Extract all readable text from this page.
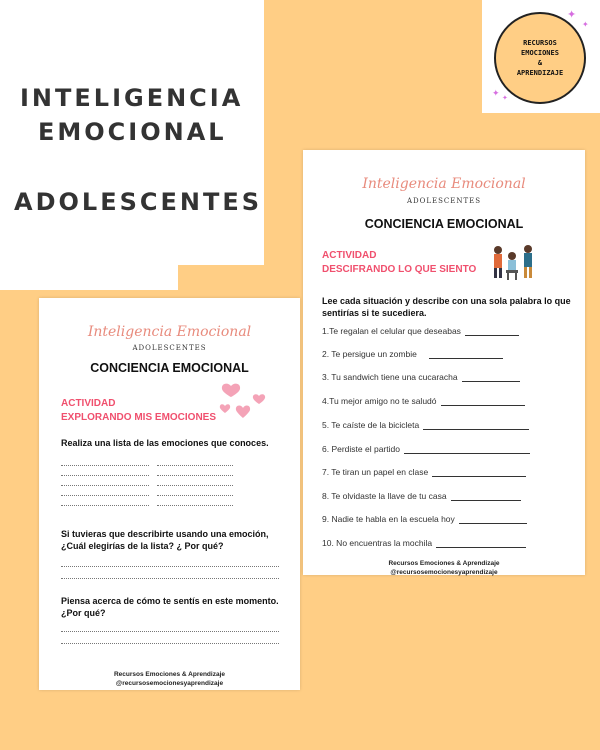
INTELIGENCIA
EMOCIONAL
ADOLESCENTES
RECURSOS
EMOCIONES
&
APRENDIZAJE
✦
✦
✦
✦
Inteligencia Emocional
ADOLESCENTES
CONCIENCIA EMOCIONAL
ACTIVIDAD
DESCIFRANDO LO QUE SIENTO
Lee cada situación y describe con una sola palabra lo que sentirías si te sucediera.
1.Te regalan el celular que deseabas
2. Te persigue un zombie
3. Tu sandwich tiene una cucaracha
4.Tu mejor amigo no te saludó
5. Te caíste de la bicicleta
6. Perdiste el partido
7. Te tiran un papel en clase
8. Te olvidaste la llave de tu casa
9. Nadie te habla en la escuela hoy
10. No encuentras la mochila
Recursos Emociones & Aprendizaje
@recursosemocionesyaprendizaje
Inteligencia Emocional
ADOLESCENTES
CONCIENCIA EMOCIONAL
ACTIVIDAD
EXPLORANDO MIS EMOCIONES
Realiza una lista de las emociones que conoces.
Si tuvieras que describirte usando una emoción, ¿Cuál elegirías de la lista? ¿ Por qué?
Piensa acerca de cómo te sentís en este momento. ¿Por qué?
Recursos Emociones & Aprendizaje
@recursosemocionesyaprendizaje
